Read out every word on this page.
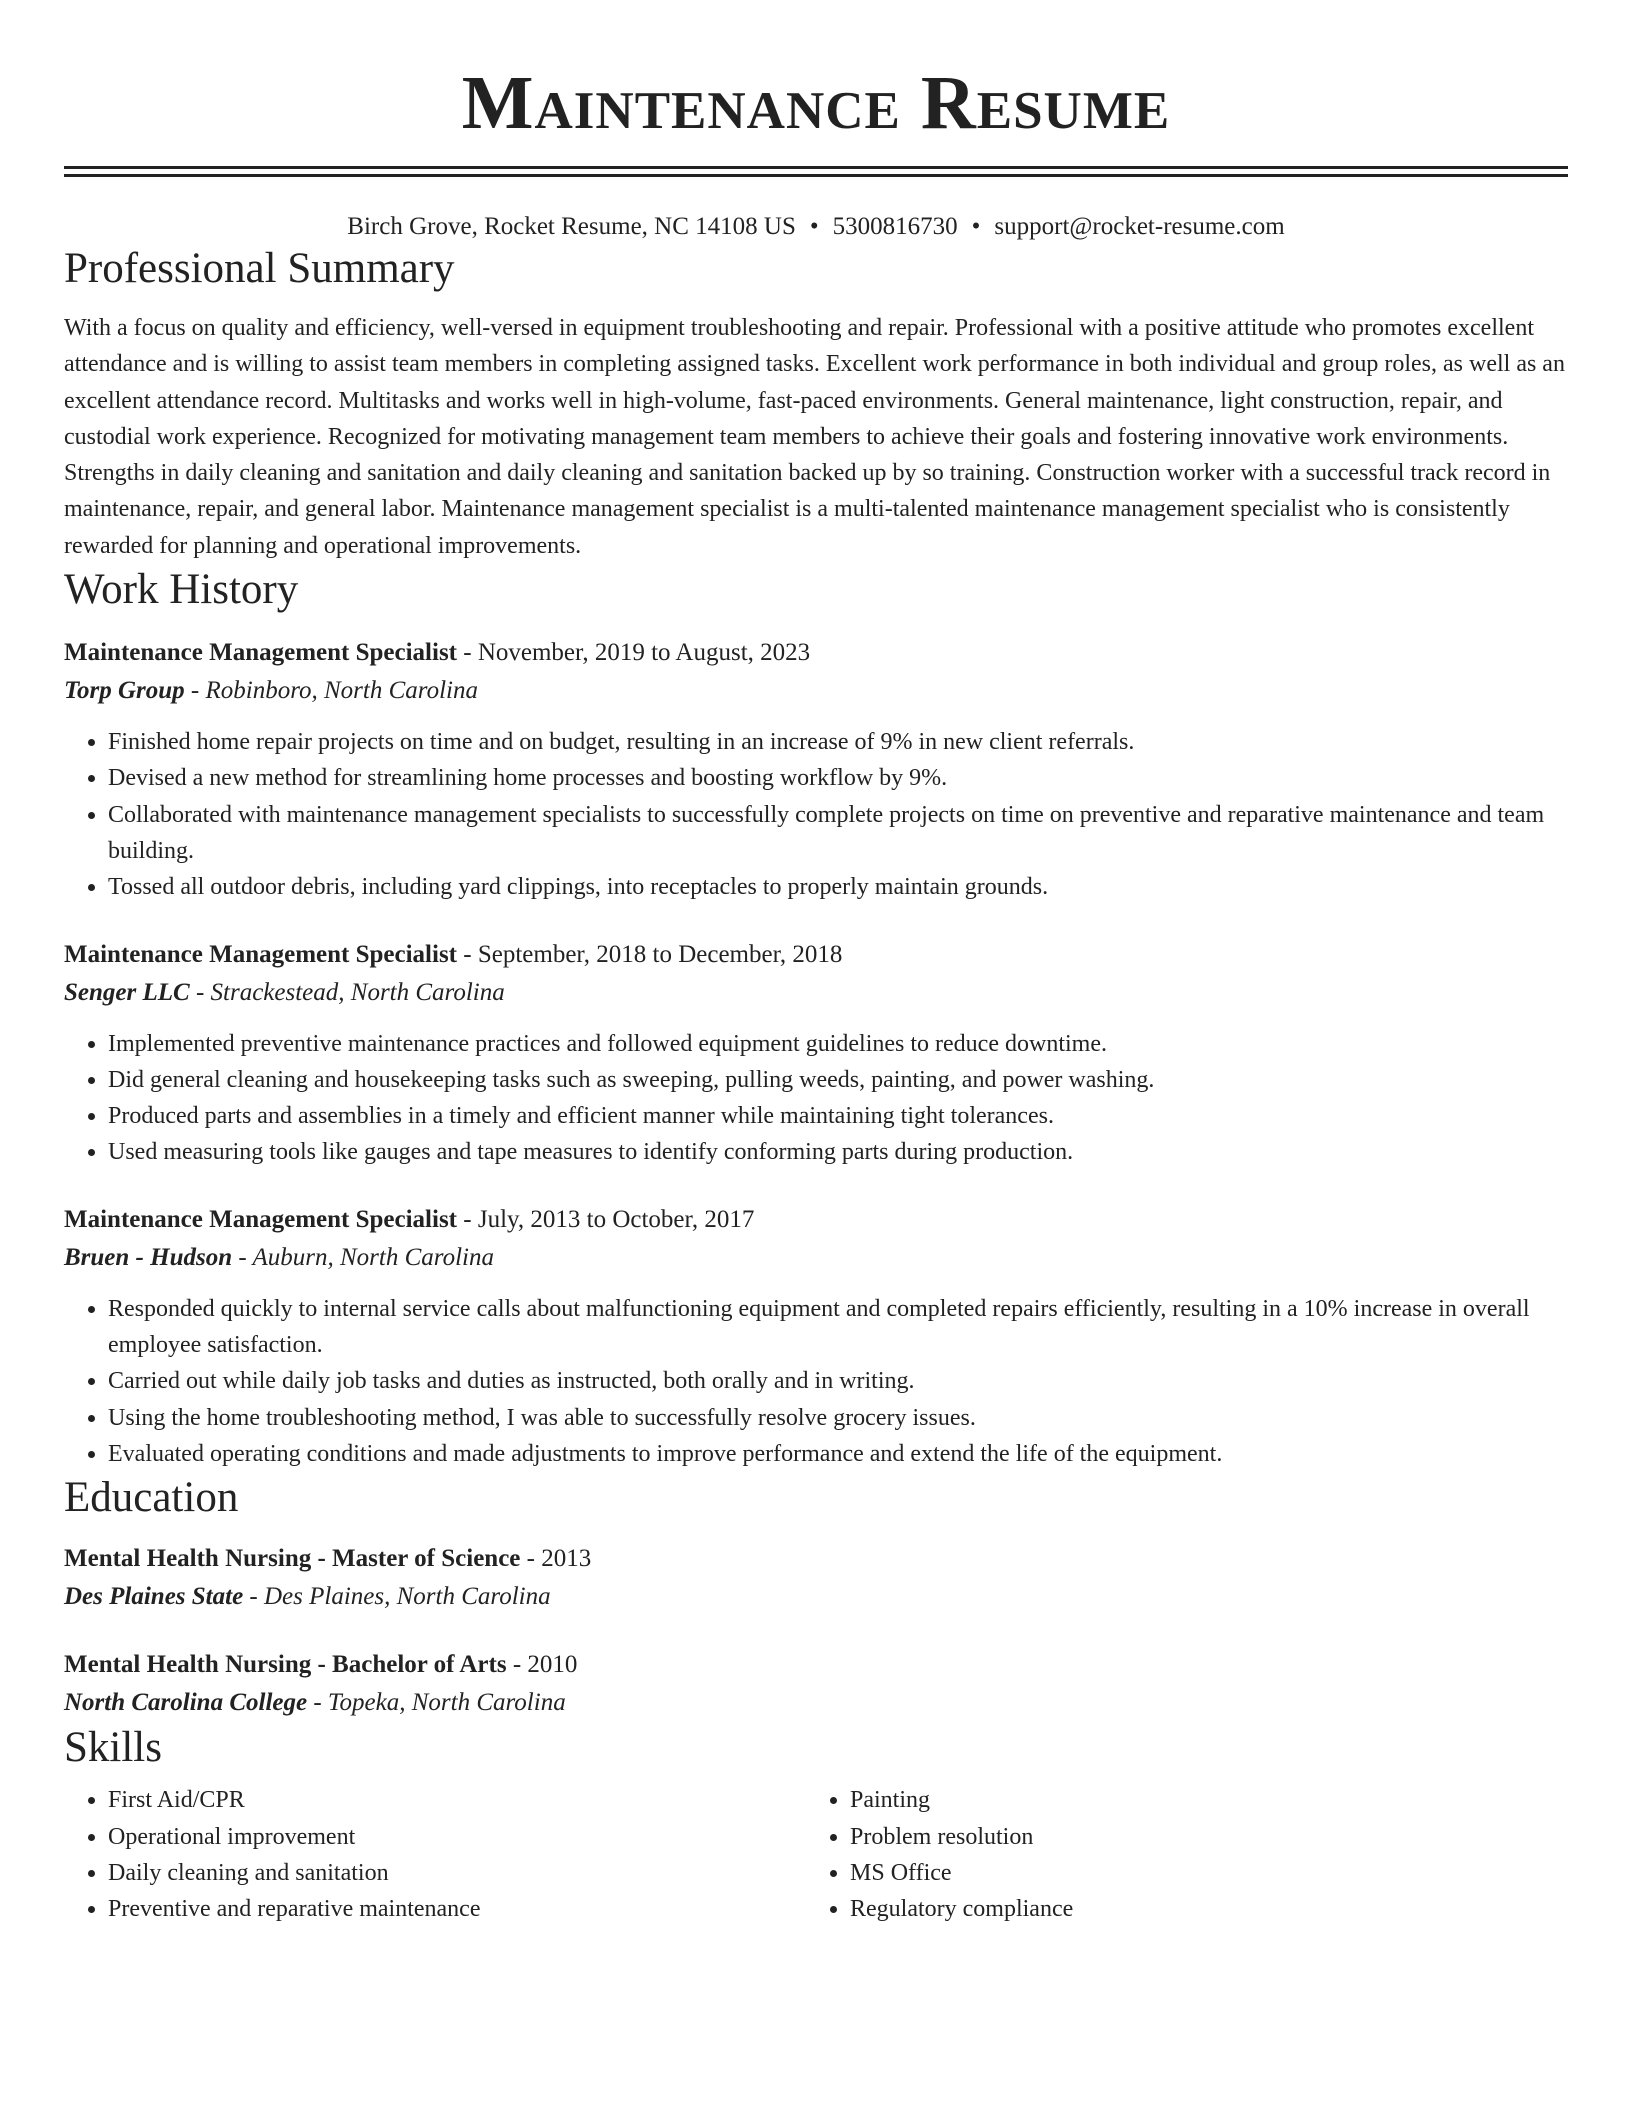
Maintenance Resume
Birch Grove, Rocket Resume, NC 14108 US • 5300816730 • support@rocket-resume.com
Professional Summary

With a focus on quality and efficiency, well-versed in equipment troubleshooting and repair. Professional with a positive attitude who promotes excellent attendance and is willing to assist team members in completing assigned tasks. Excellent work performance in both individual and group roles, as well as an excellent attendance record. Multitasks and works well in high-volume, fast-paced environments. General maintenance, light construction, repair, and custodial work experience. Recognized for motivating management team members to achieve their goals and fostering innovative work environments. Strengths in daily cleaning and sanitation and daily cleaning and sanitation backed up by so training. Construction worker with a successful track record in maintenance, repair, and general labor. Maintenance management specialist is a multi-talented maintenance management specialist who is consistently rewarded for planning and operational improvements.

Work History
Maintenance Management Specialist - November, 2019 to August, 2023
Torp Group - Robinboro, North Carolina
• Finished home repair projects on time and on budget, resulting in an increase of 9% in new client referrals.
• Devised a new method for streamlining home processes and boosting workflow by 9%.
• Collaborated with maintenance management specialists to successfully complete projects on time on preventive and reparative maintenance and team building.
• Tossed all outdoor debris, including yard clippings, into receptacles to properly maintain grounds.
Maintenance Management Specialist - September, 2018 to December, 2018
Senger LLC - Strackestead, North Carolina
• Implemented preventive maintenance practices and followed equipment guidelines to reduce downtime.
• Did general cleaning and housekeeping tasks such as sweeping, pulling weeds, painting, and power washing.
• Produced parts and assemblies in a timely and efficient manner while maintaining tight tolerances.
• Used measuring tools like gauges and tape measures to identify conforming parts during production.
Maintenance Management Specialist - July, 2013 to October, 2017
Bruen - Hudson - Auburn, North Carolina
• Responded quickly to internal service calls about malfunctioning equipment and completed repairs efficiently, resulting in a 10% increase in overall employee satisfaction.
• Carried out while daily job tasks and duties as instructed, both orally and in writing.
• Using the home troubleshooting method, I was able to successfully resolve grocery issues.
• Evaluated operating conditions and made adjustments to improve performance and extend the life of the equipment.
Education
Mental Health Nursing - Master of Science - 2013
Des Plaines State - Des Plaines, North Carolina
Mental Health Nursing - Bachelor of Arts - 2010
North Carolina College - Topeka, North Carolina
Skills
• First Aid/CPR
• Operational improvement
• Daily cleaning and sanitation
• Preventive and reparative maintenance
• Painting
• Problem resolution
• MS Office
• Regulatory compliance
